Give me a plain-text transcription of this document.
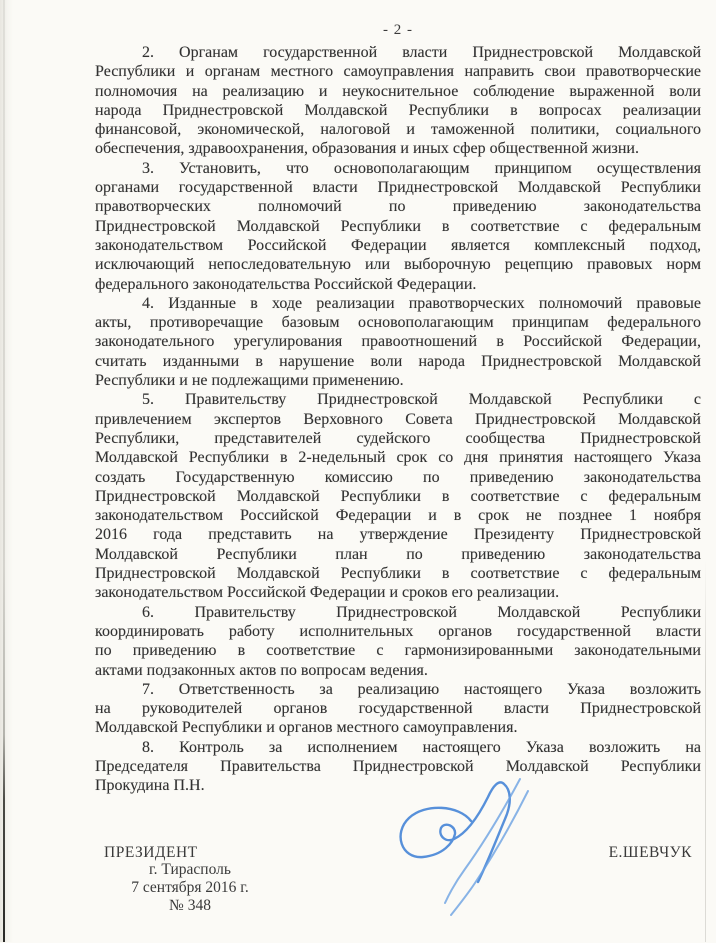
- 2 -
2. Органам государственной власти Приднестровской Молдавской
Республики и органам местного самоуправления направить свои правотворческие
полномочия на реализацию и неукоснительное соблюдение выраженной воли
народа Приднестровской Молдавской Республики в вопросах реализации
финансовой, экономической, налоговой и таможенной политики, социального
обеспечения, здравоохранения, образования и иных сфер общественной жизни.
3. Установить, что основополагающим принципом осуществления
органами государственной власти Приднестровской Молдавской Республики
правотворческих полномочий по приведению законодательства
Приднестровской Молдавской Республики в соответствие с федеральным
законодательством Российской Федерации является комплексный подход,
исключающий непоследовательную или выборочную рецепцию правовых норм
федерального законодательства Российской Федерации.
4. Изданные в ходе реализации правотворческих полномочий правовые
акты, противоречащие базовым основополагающим принципам федерального
законодательного урегулирования правоотношений в Российской Федерации,
считать изданными в нарушение воли народа Приднестровской Молдавской
Республики и не подлежащими применению.
5. Правительству Приднестровской Молдавской Республики с
привлечением экспертов Верховного Совета Приднестровской Молдавской
Республики, представителей судейского сообщества Приднестровской
Молдавской Республики в 2-недельный срок со дня принятия настоящего Указа
создать Государственную комиссию по приведению законодательства
Приднестровской Молдавской Республики в соответствие с федеральным
законодательством Российской Федерации и в срок не позднее 1 ноября
2016 года представить на утверждение Президенту Приднестровской
Молдавской Республики план по приведению законодательства
Приднестровской Молдавской Республики в соответствие с федеральным
законодательством Российской Федерации и сроков его реализации.
6. Правительству Приднестровской Молдавской Республики
координировать работу исполнительных органов государственной власти
по приведению в соответствие с гармонизированными законодательными
актами подзаконных актов по вопросам ведения.
7. Ответственность за реализацию настоящего Указа возложить
на руководителей органов государственной власти Приднестровской
Молдавской Республики и органов местного самоуправления.
8. Контроль за исполнением настоящего Указа возложить на
Председателя Правительства Приднестровской Молдавской Республики
Прокудина П.Н.
ПРЕЗИДЕНТ
г. Тирасполь
7 сентября 2016 г.
№ 348
Е.ШЕВЧУК
